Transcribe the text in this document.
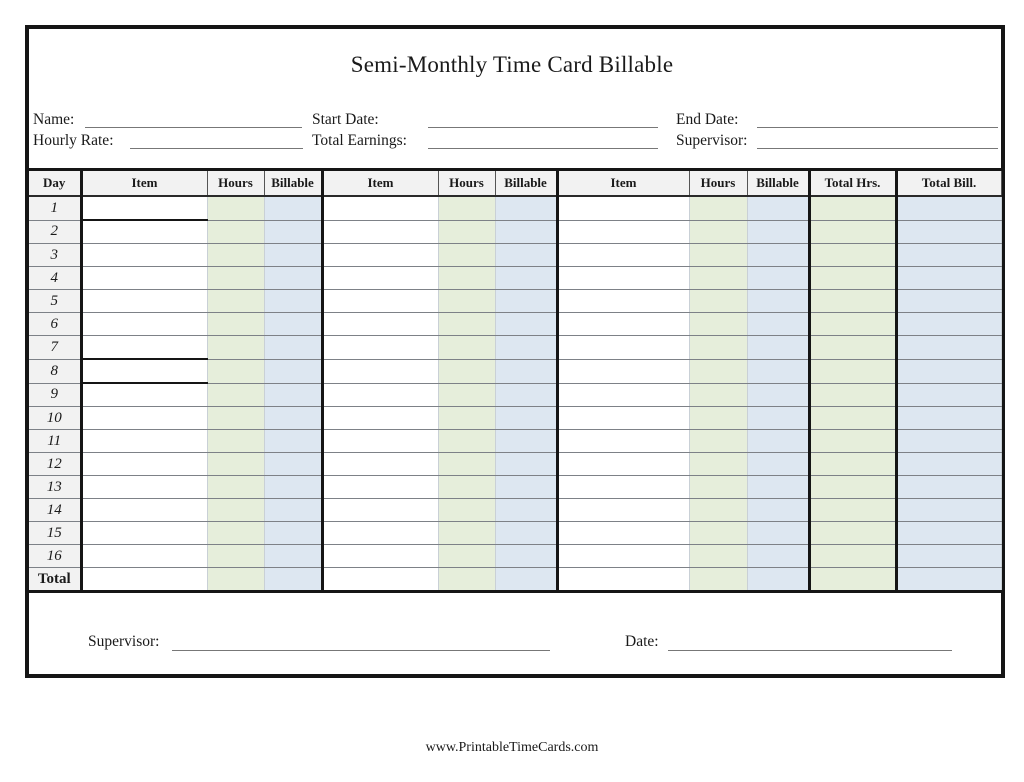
Semi-Monthly Time Card Billable
Name:	Start Date:	End Date:
Hourly Rate:	Total Earnings:	Supervisor:
Day	Item	Hours	Billable	Item	Hours	Billable	Item	Hours	Billable	Total Hrs.	Total Bill.
1											
2											
3											
4											
5											
6											
7											
8											
9											
10											
11											
12											
13											
14											
15											
16											
Total											
Supervisor:	Date:
www.PrintableTimeCards.com
